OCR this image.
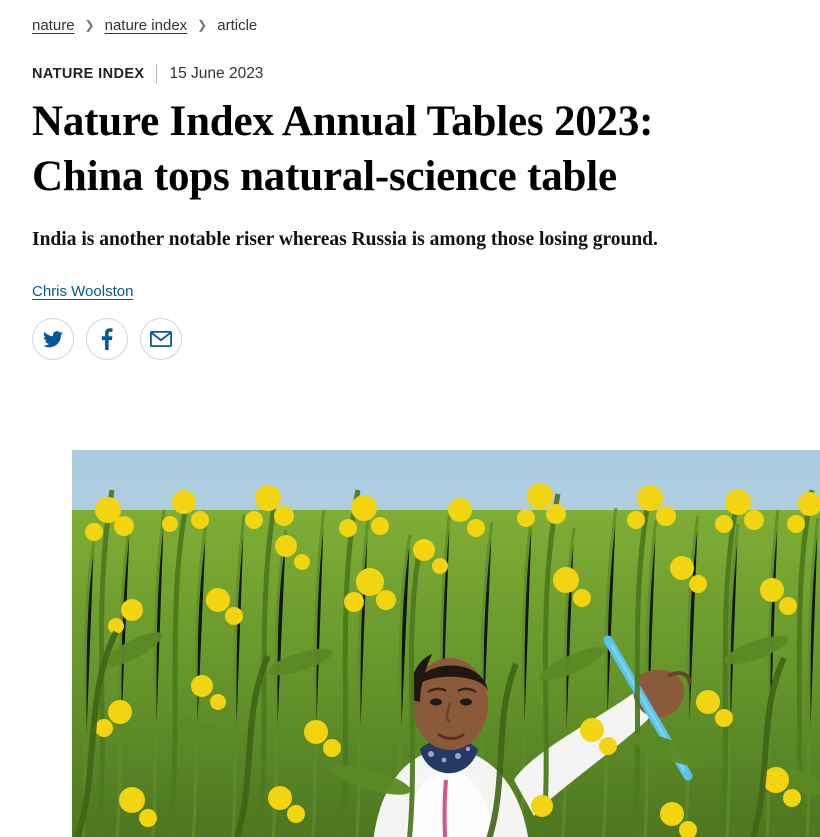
nature ❯ nature index ❯ article
NATURE INDEX 15 June 2023
Nature Index Annual Tables 2023: China tops natural-science table

India is another notable riser whereas Russia is among those losing ground.

Chris Woolston
